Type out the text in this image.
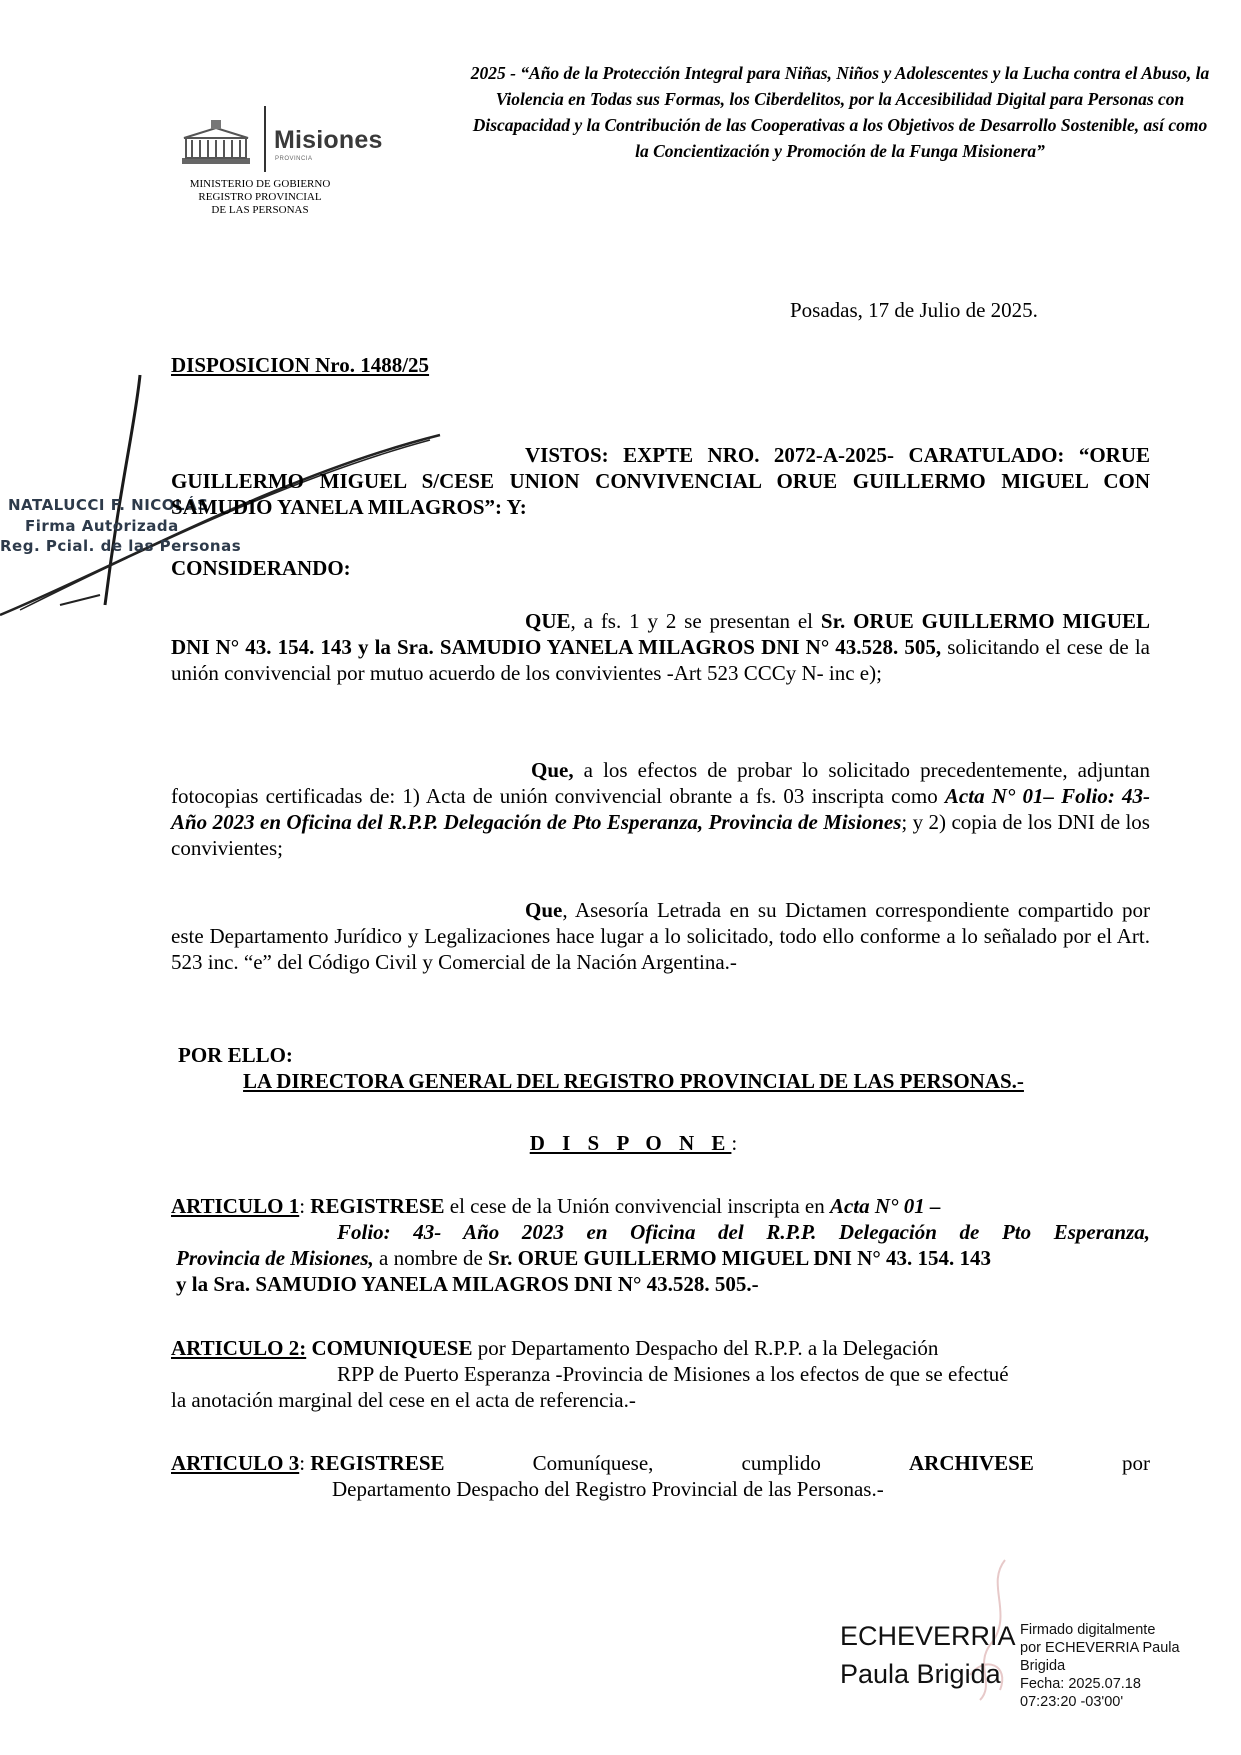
Misiones
PROVINCIA
MINISTERIO DE GOBIERNO
REGISTRO PROVINCIAL
DE LAS PERSONAS
2025 - “Año de la Protección Integral para Niñas, Niños y Adolescentes y la Lucha contra el Abuso, la Violencia en Todas sus Formas, los Ciberdelitos, por la Accesibilidad Digital para Personas con Discapacidad y la Contribución de las Cooperativas a los Objetivos de Desarrollo Sostenible, así como la Concientización y Promoción de la Funga Misionera”
Posadas, 17 de Julio de 2025.
DISPOSICION Nro. 1488/25
NATALUCCI F. NICOLÁS
Firma Autorizada
Reg. Pcial. de las Personas
VISTOS: EXPTE NRO. 2072-A-2025- CARATULADO: “ORUE GUILLERMO MIGUEL S/CESE UNION CONVIVENCIAL ORUE GUILLERMO MIGUEL CON SAMUDIO YANELA MILAGROS”: Y:
CONSIDERANDO:
QUE, a fs. 1 y 2 se presentan el Sr. ORUE GUILLERMO MIGUEL DNI N° 43. 154. 143 y la Sra. SAMUDIO YANELA MILAGROS DNI N° 43.528. 505, solicitando el cese de la unión convivencial por mutuo acuerdo de los convivientes -Art 523 CCCy N- inc e);
Que, a los efectos de probar lo solicitado precedentemente, adjuntan fotocopias certificadas de: 1) Acta de unión convivencial obrante a fs. 03 inscripta como Acta N° 01– Folio: 43- Año 2023 en Oficina del R.P.P. Delegación de Pto Esperanza, Provincia de Misiones; y 2) copia de los DNI de los convivientes;
Que, Asesoría Letrada en su Dictamen correspondiente compartido por este Departamento Jurídico y Legalizaciones hace lugar a lo solicitado, todo ello conforme a lo señalado por el Art. 523 inc. “e” del Código Civil y Comercial de la Nación Argentina.-
POR ELLO:
LA DIRECTORA GENERAL DEL REGISTRO PROVINCIAL DE LAS PERSONAS.-
D I S P O N E:
ARTICULO 1: REGISTRESE el cese de la Unión convivencial inscripta en Acta N° 01 –
Folio: 43- Año 2023 en Oficina del R.P.P. Delegación de Pto Esperanza,
Provincia de Misiones, a nombre de Sr. ORUE GUILLERMO MIGUEL DNI N° 43. 154. 143
y la Sra. SAMUDIO YANELA MILAGROS DNI N° 43.528. 505.-
ARTICULO 2: COMUNIQUESE por Departamento Despacho del R.P.P. a la Delegación
RPP de Puerto Esperanza -Provincia de Misiones a los efectos de que se efectué
la anotación marginal del cese en el acta de referencia.-
ARTICULO 3: REGISTRESE	Comuníquese,	cumplido	ARCHIVESE	por
Departamento Despacho del Registro Provincial de las Personas.-
ECHEVERRIA
Paula Brigida
Firmado digitalmente
por ECHEVERRIA Paula
Brigida
Fecha: 2025.07.18
07:23:20 -03'00'
